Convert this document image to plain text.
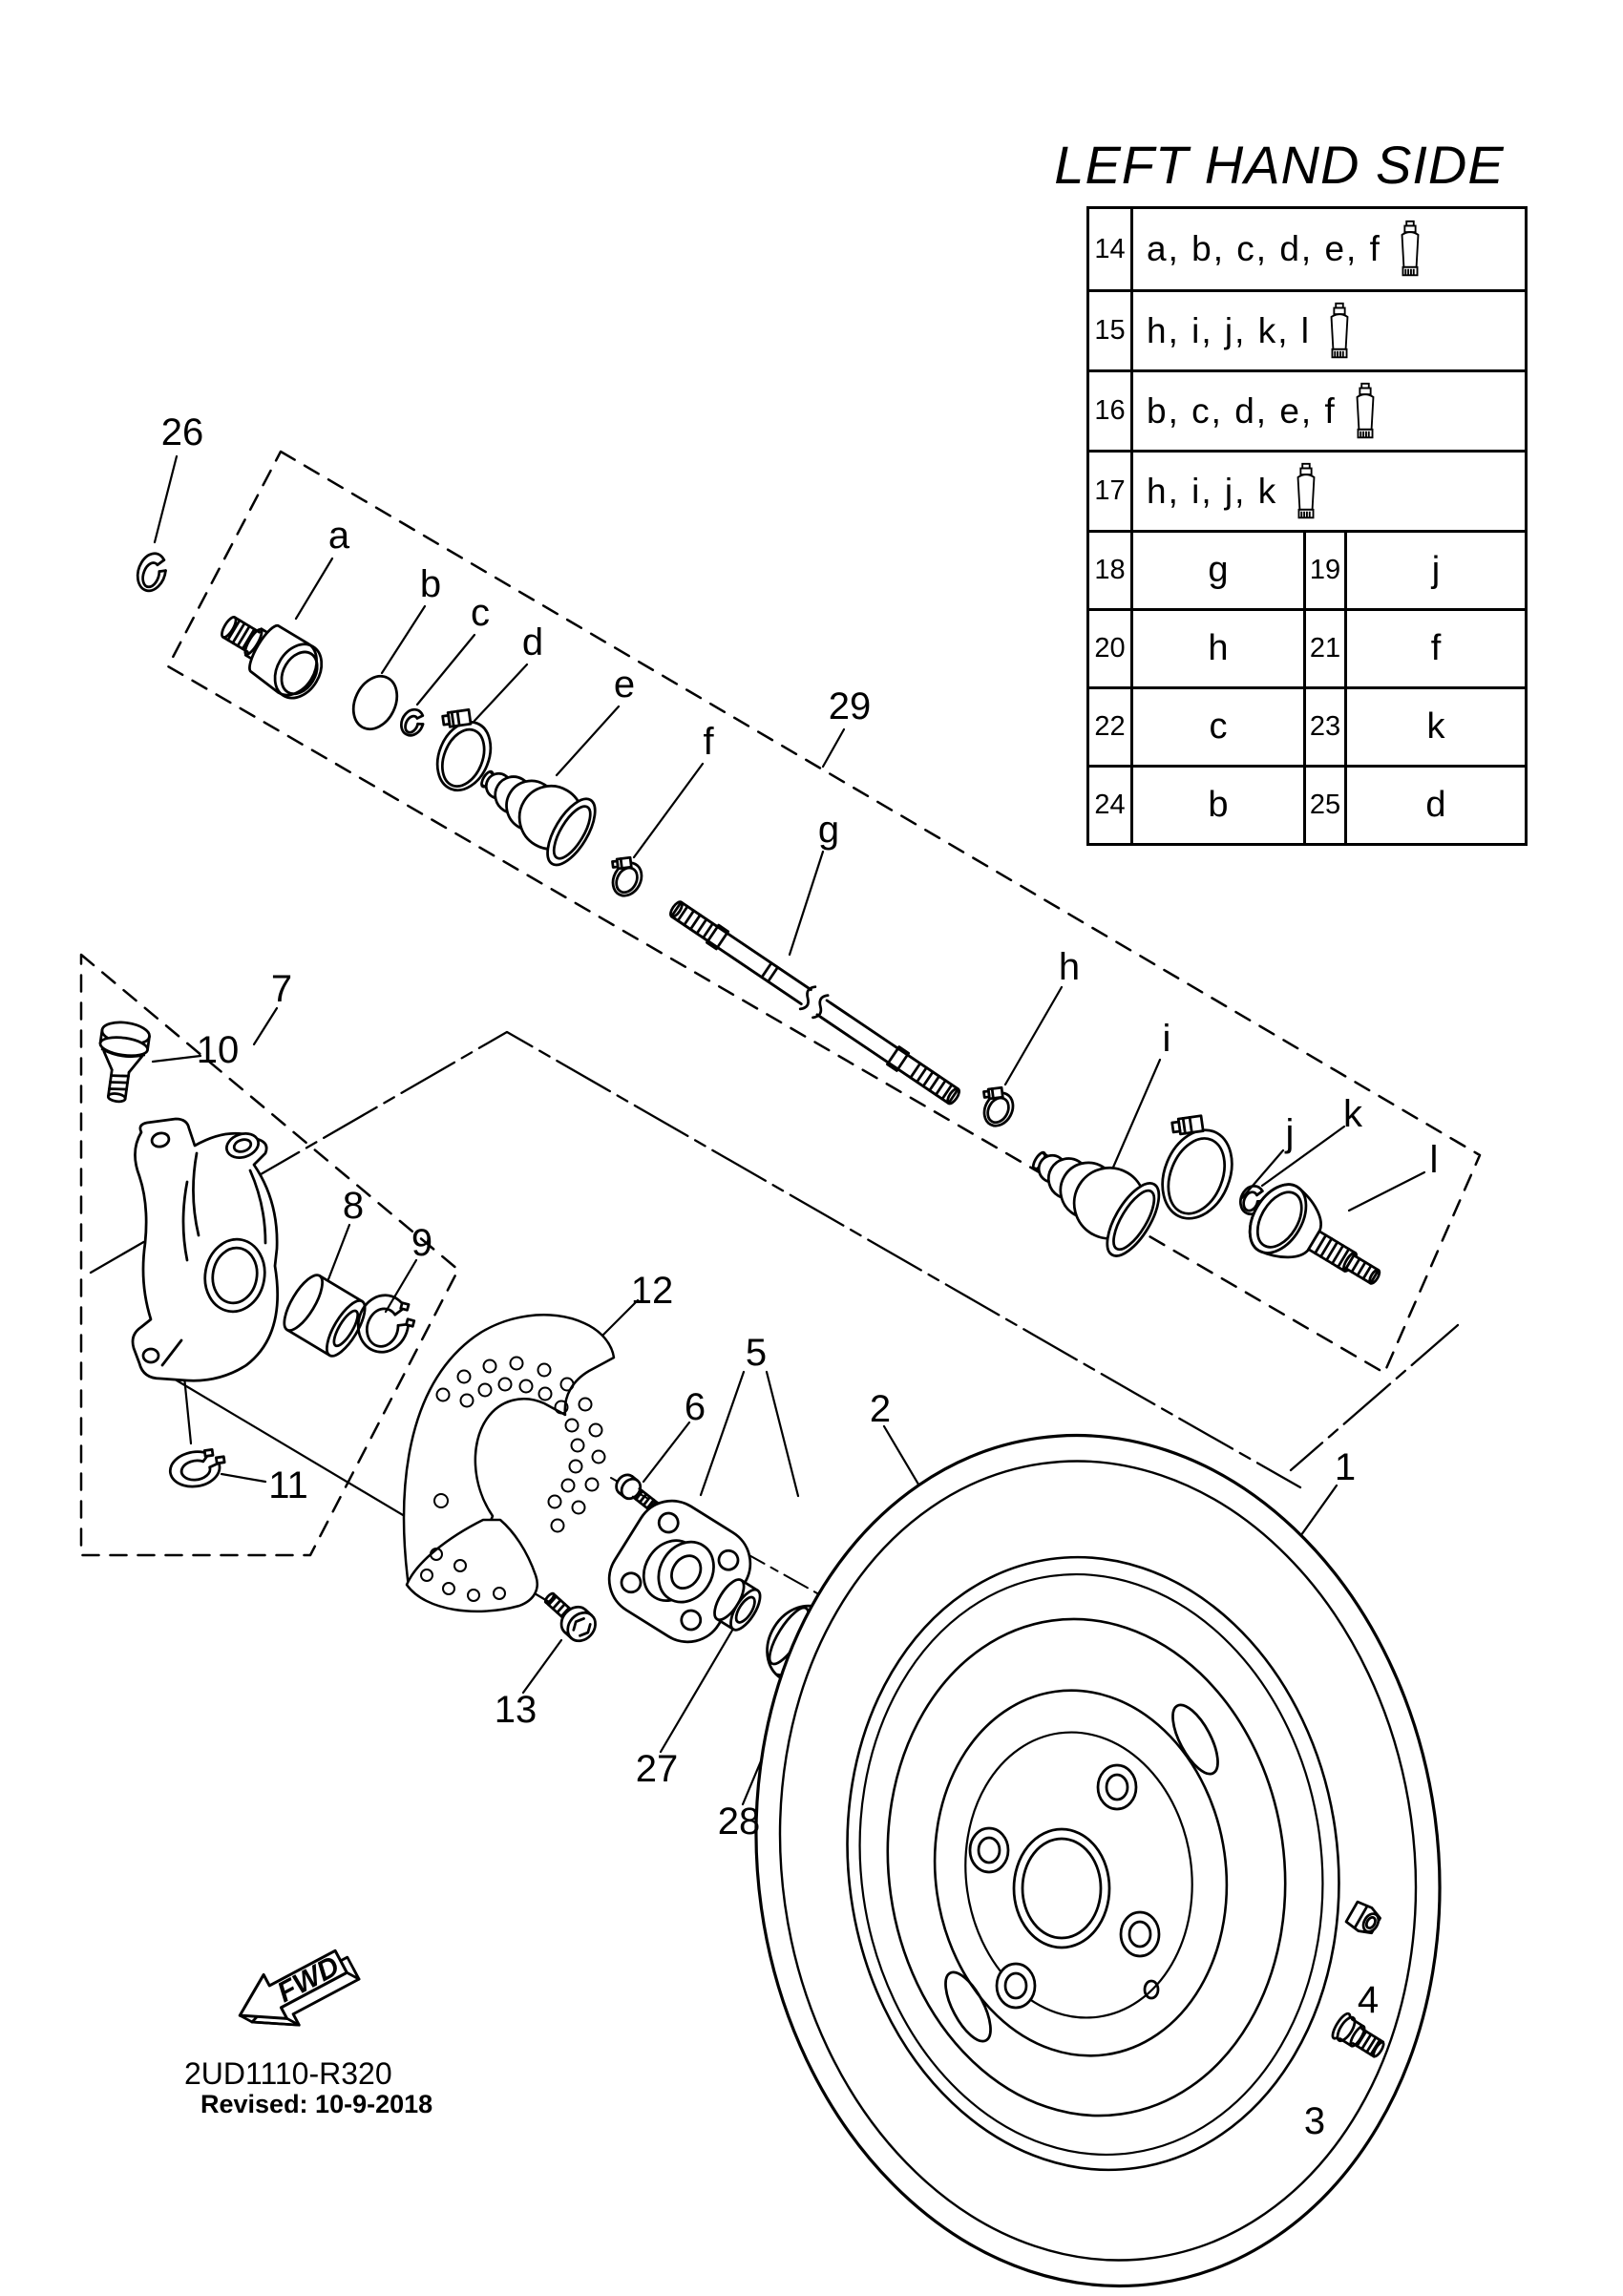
FWD
1
2
3
4
5
6
7
8
9
10
11
12
13
26
27
28
29
a
b
c
d
e
f
g
h
i
j k
l
2UD1110-R320
Revised: 10-9-2018
LEFT HAND SIDE
14 a, b, c, d, e, f
15 h, i, j, k, l
16 b, c, d, e, f
17 h, i, j, k
18	g	19	j
20	h	21	f
22	c	23	k
24	b	25	d
